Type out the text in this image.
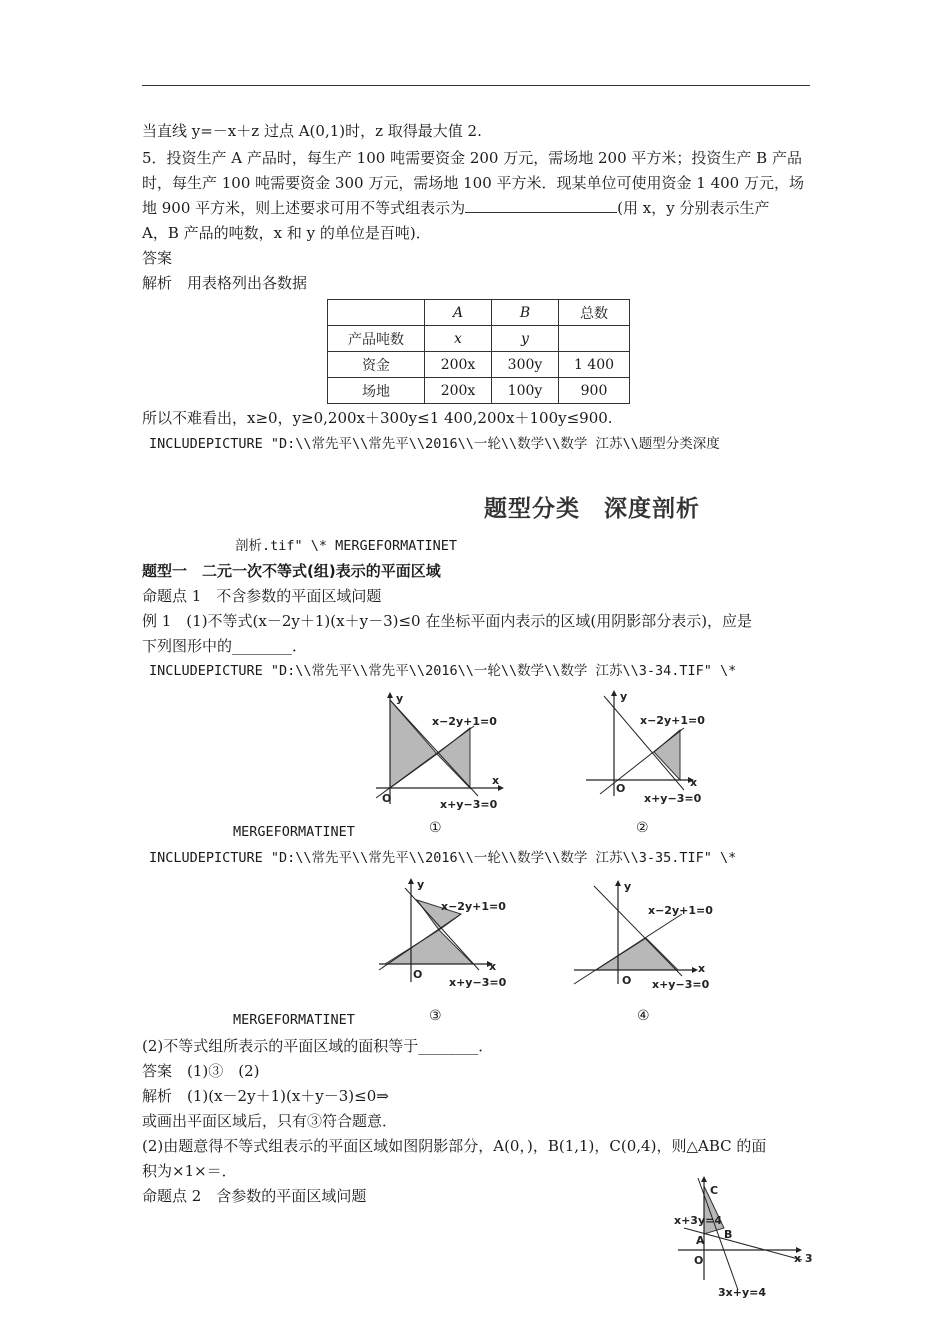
当直线 y=－x＋z 过点 A(0,1)时，z 取得最大值 2.
5．投资生产 A 产品时，每生产 100 吨需要资金 200 万元，需场地 200 平方米；投资生产 B 产品
时，每生产 100 吨需要资金 300 万元，需场地 100 平方米．现某单位可使用资金 1 400 万元，场
地 900 平方米，则上述要求可用不等式组表示为	(用 x，y 分别表示生产
A，B 产品的吨数，x 和 y 的单位是百吨)．
答案
解析　用表格列出各数据
	A	B	总数
产品吨数	x	y	
资金	200x	300y	1 400
场地	200x	100y	900
所以不难看出，x≥0，y≥0,200x＋300y≤1 400,200x＋100y≤900.
INCLUDEPICTURE "D:\\常先平\\常先平\\2016\\一轮\\数学\\数学 江苏\\题型分类深度
题型分类　深度剖析
剖析.tif" \* MERGEFORMATINET
题型一　二元一次不等式(组)表示的平面区域
命题点 1　不含参数的平面区域问题
例 1　(1)不等式(x－2y＋1)(x＋y－3)≤0 在坐标平面内表示的区域(用阴影部分表示)，应是
下列图形中的________．
INCLUDEPICTURE "D:\\常先平\\常先平\\2016\\一轮\\数学\\数学 江苏\\3-34.TIF" \*
y
x
O
x−2y+1=0
x+y−3=0
①
y
x
O
x−2y+1=0
x+y−3=0
②
MERGEFORMATINET
INCLUDEPICTURE "D:\\常先平\\常先平\\2016\\一轮\\数学\\数学 江苏\\3-35.TIF" \*
y
x
O
x−2y+1=0
x+y−3=0
y
x
O
x−2y+1=0
x+y−3=0
MERGEFORMATINET	③	④
(2)不等式组所表示的平面区域的面积等于________．
答案　(1)③　(2)
解析　(1)(x－2y＋1)(x＋y－3)≤0⇒
或画出平面区域后，只有③符合题意．
(2)由题意得不等式组表示的平面区域如图阴影部分，A(0，)，B(1,1)，C(0,4)，则△ABC 的面
积为×1×＝．
命题点 2　含参数的平面区域问题	C
x+3y=4
A B
O	x 3
3x+y=4
